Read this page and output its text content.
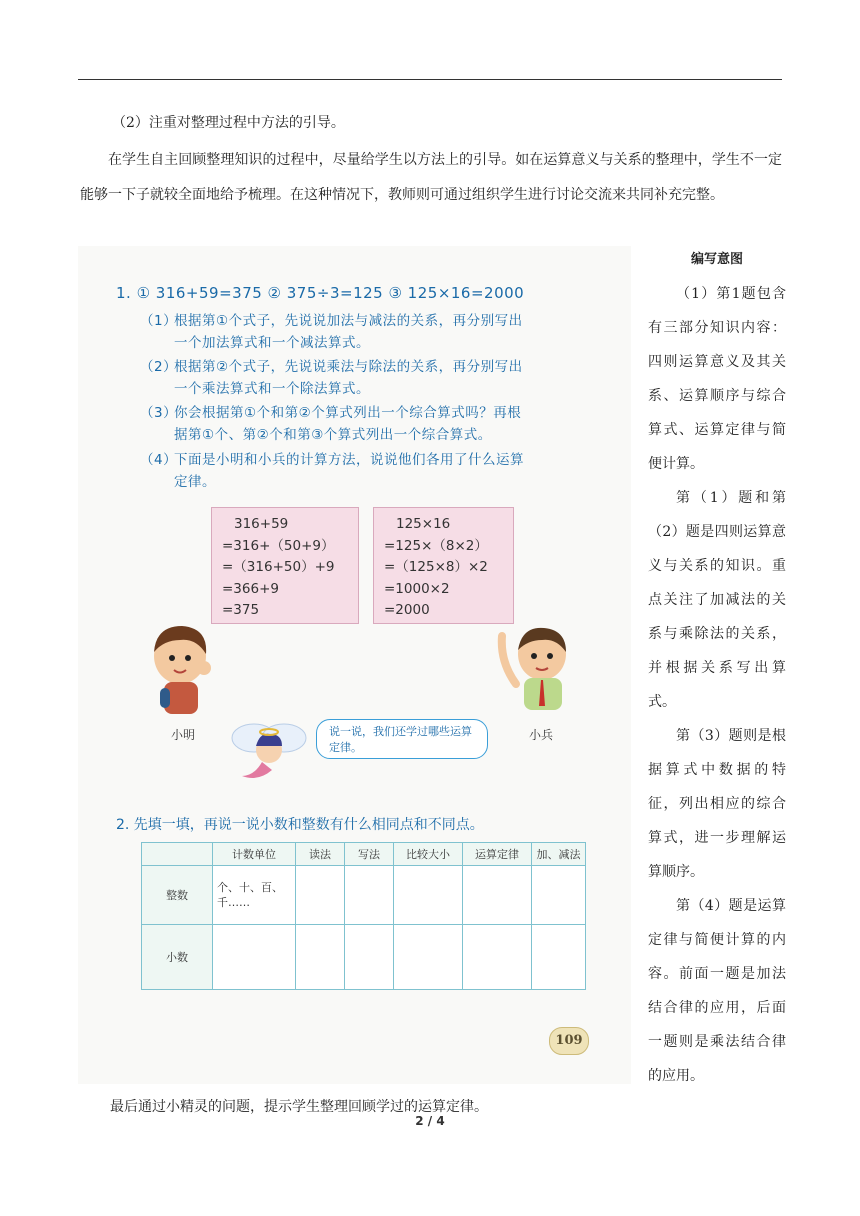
（2）注重对整理过程中方法的引导。
在学生自主回顾整理知识的过程中，尽量给学生以方法上的引导。如在运算意义与关系的整理中，学生不一定能够一下子就较全面地给予梳理。在这种情况下，教师则可通过组织学生进行讨论交流来共同补充完整。
1. ① 316+59=375 ② 375÷3=125 ③ 125×16=2000
（1）根据第①个式子，先说说加法与减法的关系，再分别写出
一个加法算式和一个减法算式。
（2）根据第②个式子，先说说乘法与除法的关系，再分别写出
一个乘法算式和一个除法算式。
（3）你会根据第①个和第②个算式列出一个综合算式吗？再根
据第①个、第②个和第③个算式列出一个综合算式。
（4）下面是小明和小兵的计算方法，说说他们各用了什么运算
定律。
316+59
=316+（50+9）
=（316+50）+9
=366+9
=375
125×16
=125×（8×2）
=（125×8）×2
=1000×2
=2000
小明	小兵
说一说，我们还学过哪些运算定律。
2. 先填一填，再说一说小数和整数有什么相同点和不同点。
	计数单位	读法	写法	比较大小	运算定律	加、减法
整数	个、十、百、千……					

小数						
109
编写意图

（1）第1题包含有三部分知识内容：四则运算意义及其关系、运算顺序与综合算式、运算定律与简便计算。

第（1）题和第（2）题是四则运算意义与关系的知识。重点关注了加减法的关系与乘除法的关系，并根据关系写出算式。

第（3）题则是根据算式中数据的特征，列出相应的综合算式，进一步理解运算顺序。

第（4）题是运算定律与简便计算的内容。前面一题是加法结合律的应用，后面一题则是乘法结合律的应用。

最后通过小精灵的问题，提示学生整理回顾学过的运算定律。
2 / 4
